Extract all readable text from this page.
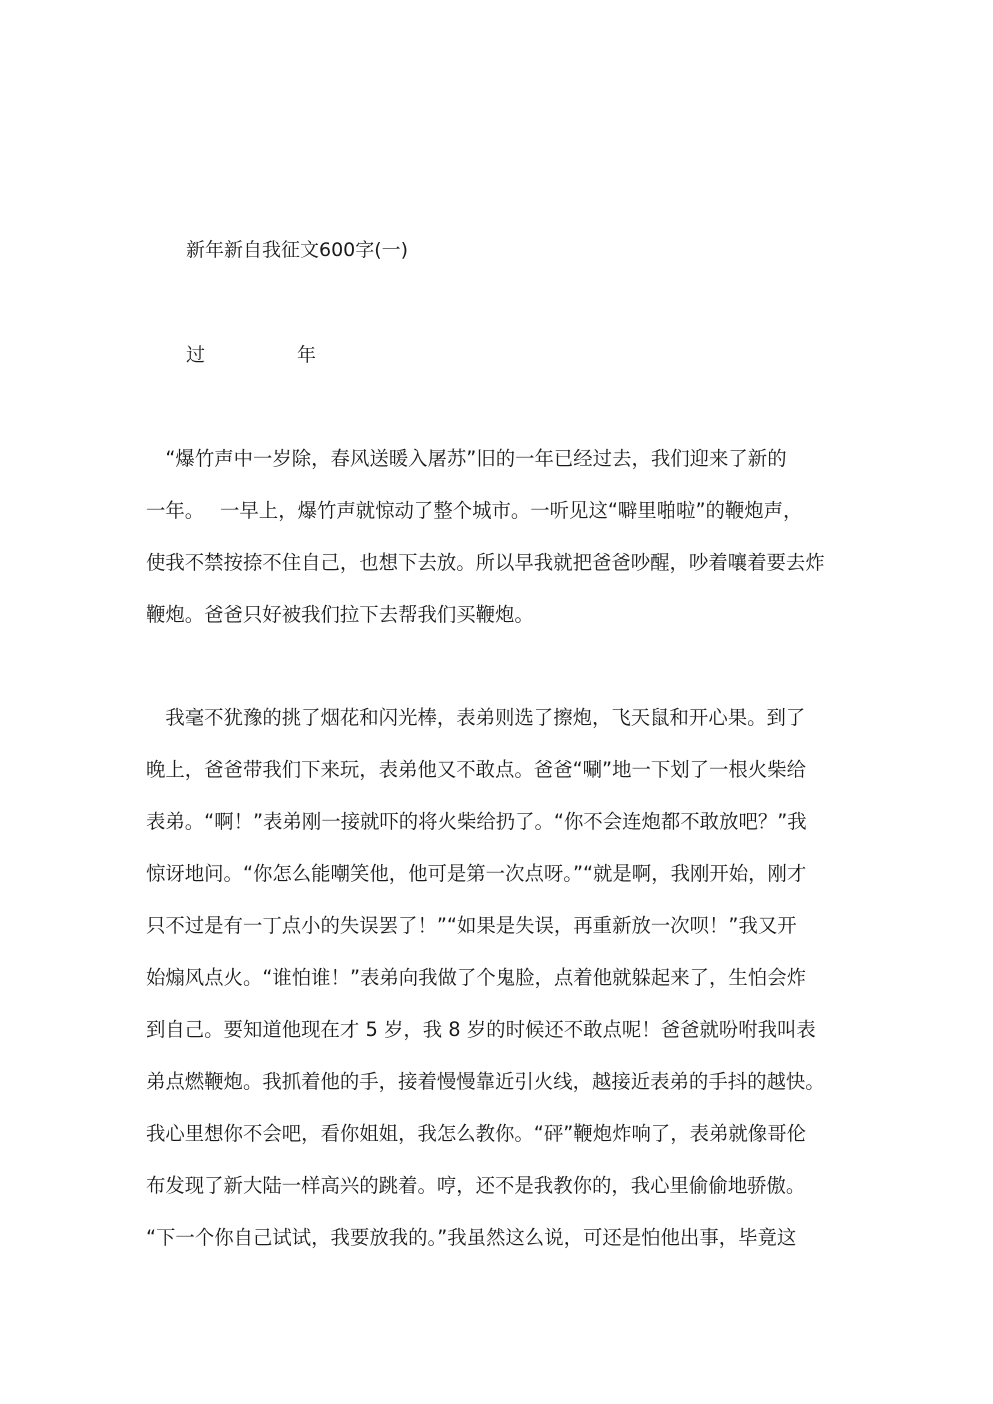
新年新自我征文600字(一)
过	年
　“爆竹声中一岁除，春风送暖入屠苏”旧的一年已经过去，我们迎来了新的
一年。　 一早上，爆竹声就惊动了整个城市。一听见这“噼里啪啦”的鞭炮声，
使我不禁按捺不住自己，也想下去放。所以早我就把爸爸吵醒，吵着嚷着要去炸
鞭炮。爸爸只好被我们拉下去帮我们买鞭炮。
　我毫不犹豫的挑了烟花和闪光棒，表弟则选了擦炮，飞天鼠和开心果。到了
晚上，爸爸带我们下来玩，表弟他又不敢点。爸爸“唰”地一下划了一根火柴给
表弟。“啊！”表弟刚一接就吓的将火柴给扔了。“你不会连炮都不敢放吧？”我
惊讶地问。“你怎么能嘲笑他，他可是第一次点呀。”“就是啊，我刚开始，刚才
只不过是有一丁点小的失误罢了！”“如果是失误，再重新放一次呗！”我又开
始煽风点火。“谁怕谁！”表弟向我做了个鬼脸，点着他就躲起来了，生怕会炸
到自己。要知道他现在才 5 岁，我 8 岁的时候还不敢点呢！爸爸就吩咐我叫表
弟点燃鞭炮。我抓着他的手，接着慢慢靠近引火线，越接近表弟的手抖的越快。
我心里想你不会吧，看你姐姐，我怎么教你。“砰”鞭炮炸响了，表弟就像哥伦
布发现了新大陆一样高兴的跳着。哼，还不是我教你的，我心里偷偷地骄傲。
“下一个你自己试试，我要放我的。”我虽然这么说，可还是怕他出事，毕竟这
